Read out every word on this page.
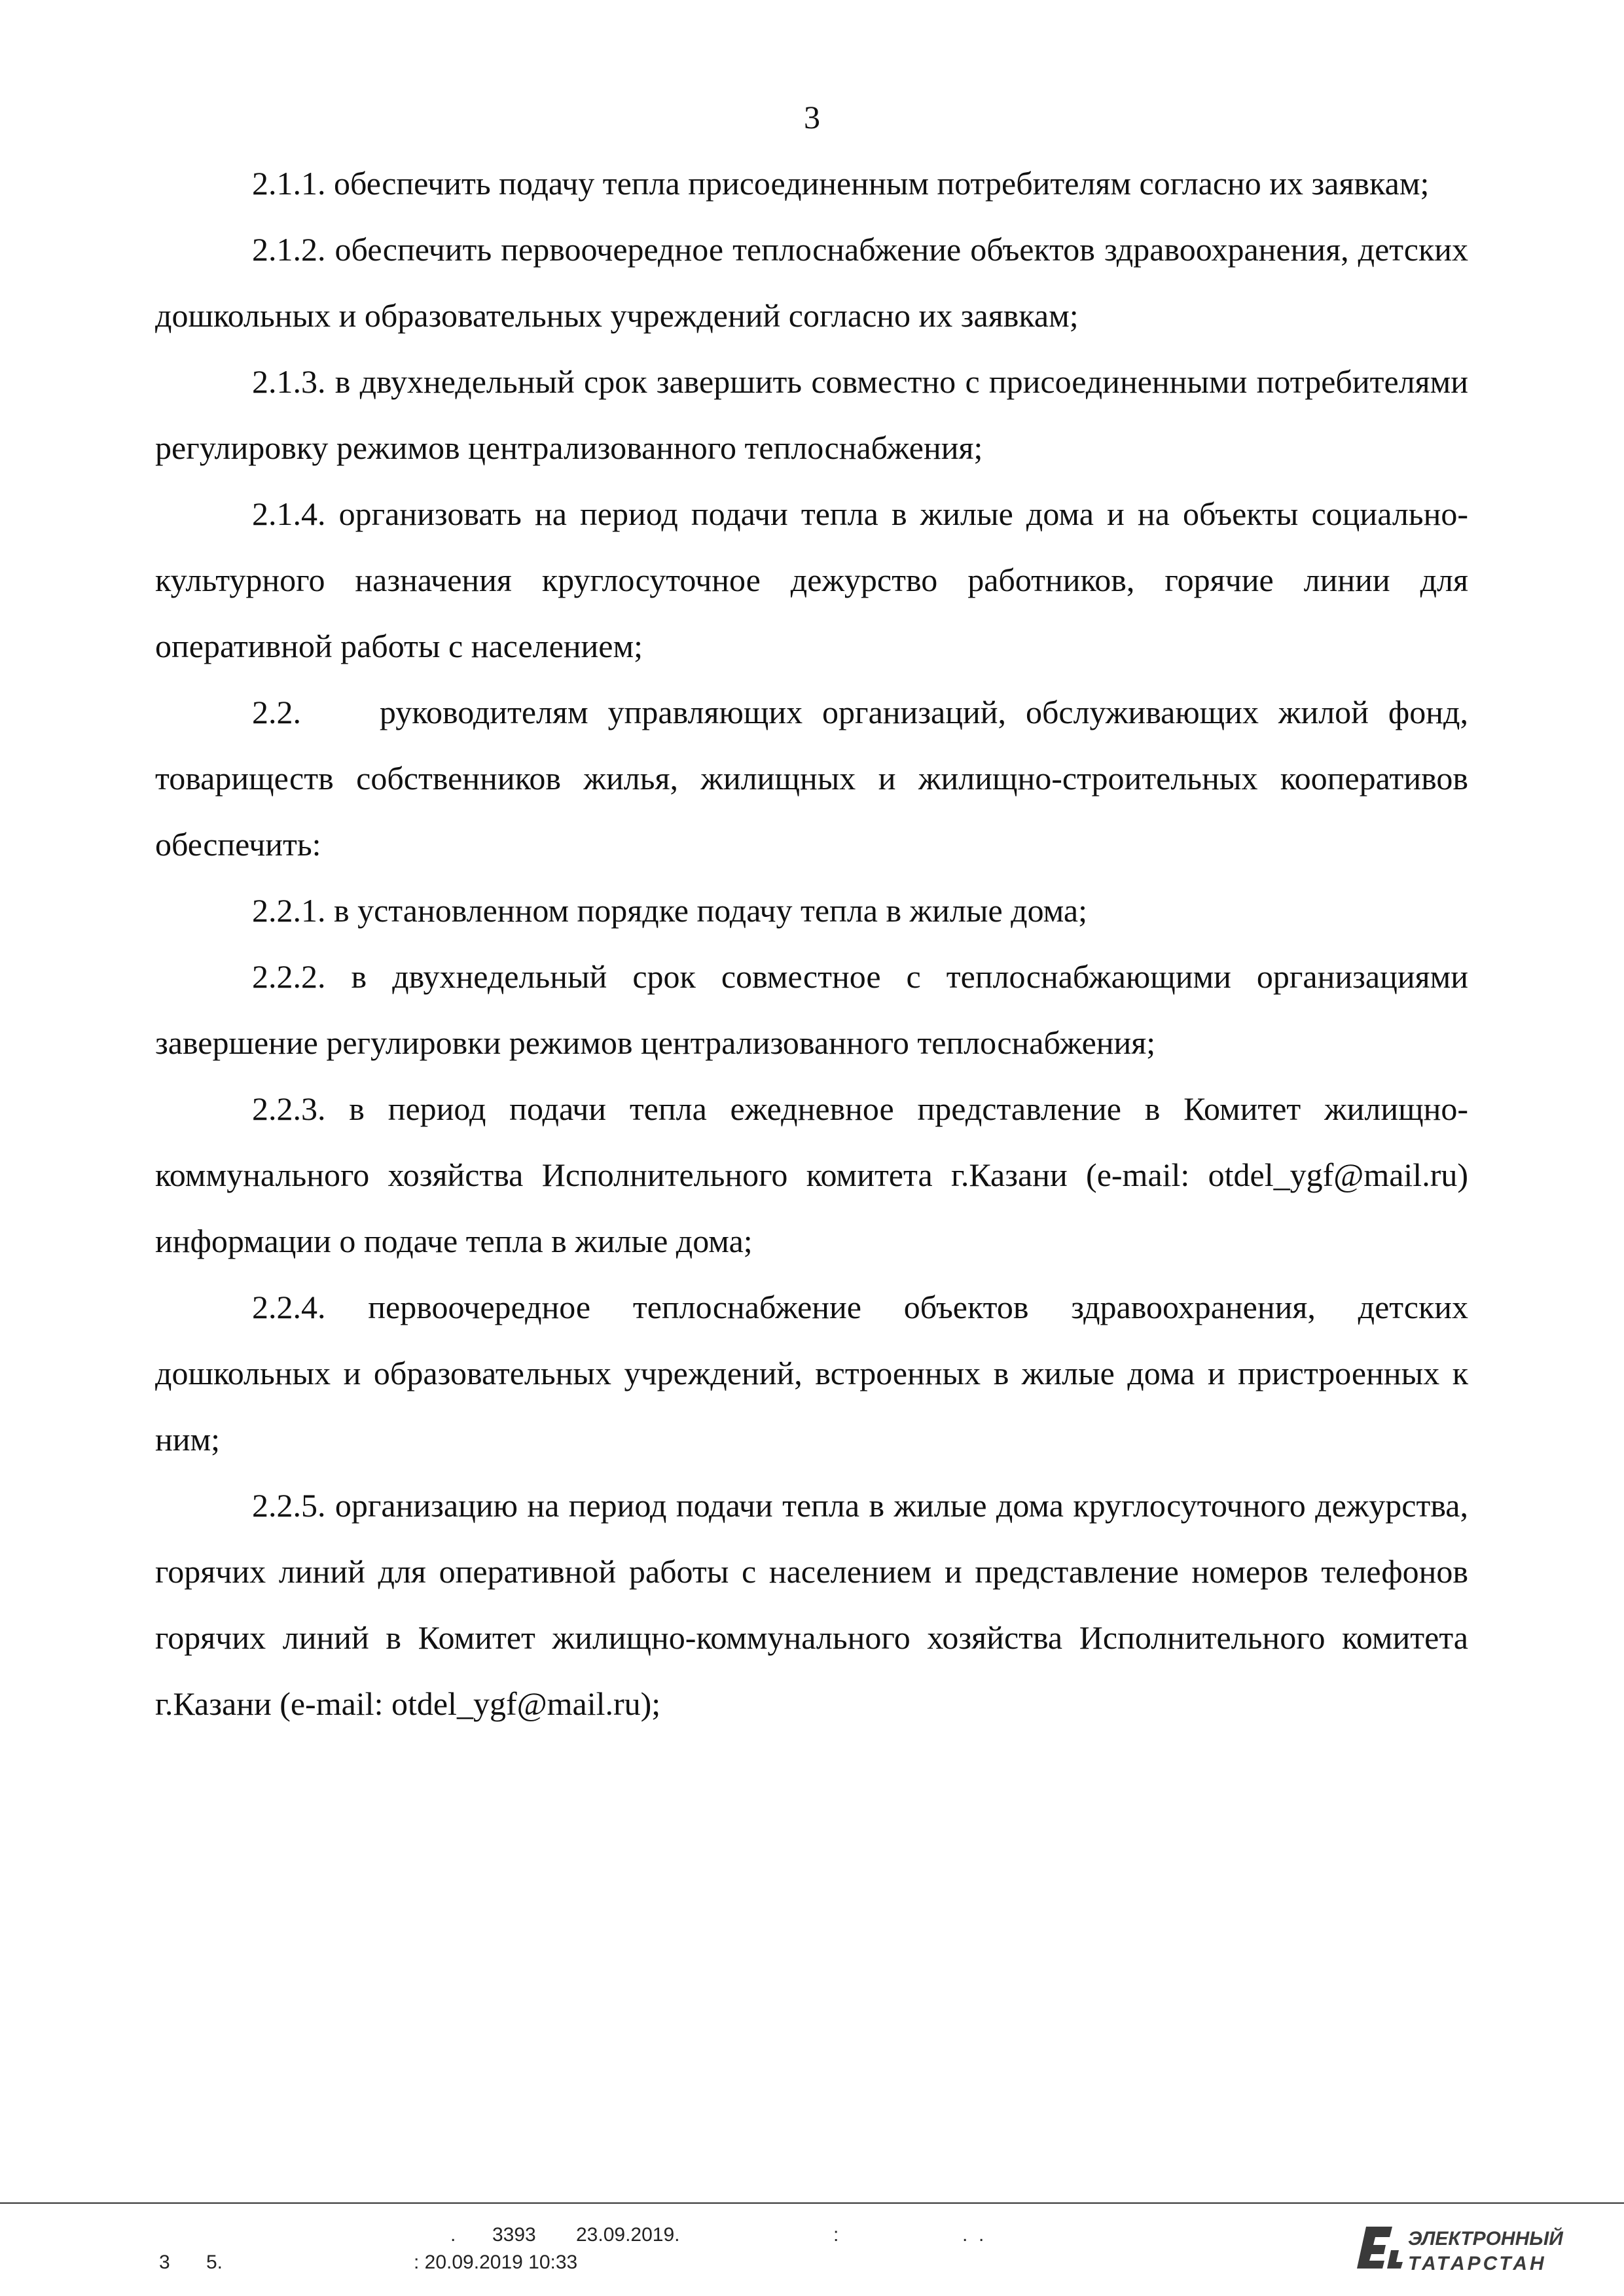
3

2.1.1. обеспечить подачу тепла присоединенным потребителям согласно их заявкам;

2.1.2. обеспечить первоочередное теплоснабжение объектов здравоохранения, детских дошкольных и образовательных учреждений согласно их заявкам;

2.1.3. в двухнедельный срок завершить совместно с присоединенными потребителями регулировку режимов централизованного теплоснабжения;

2.1.4. организовать на период подачи тепла в жилые дома и на объекты социально-культурного назначения круглосуточное дежурство работников, горячие линии для оперативной работы с населением;

2.2.    руководителям управляющих организаций, обслуживающих жилой фонд, товариществ собственников жилья, жилищных и жилищно-строительных кооперативов обеспечить:

2.2.1. в установленном порядке подачу тепла в жилые дома;

2.2.2. в двухнедельный срок совместное с теплоснабжающими организациями завершение регулировки режимов централизованного теплоснабжения;

2.2.3. в период подачи тепла ежедневное представление в Комитет жилищно-коммунального хозяйства Исполнительного комитета г.Казани (e-mail: otdel_ygf@mail.ru) информации о подаче тепла в жилые дома;

2.2.4. первоочередное теплоснабжение объектов здравоохранения, детских дошкольных и образовательных учреждений, встроенных в жилые дома и пристроенных к ним;

2.2.5. организацию на период подачи тепла в жилые дома круглосуточного дежурства, горячих линий для оперативной работы с населением и представление номеров телефонов горячих линий в Комитет жилищно-коммунального хозяйства Исполнительного комитета г.Казани (e-mail: otdel_ygf@mail.ru);

. 3393 23.09.2019.	:	.  .
3 5.	: 20.09.2019 10:33
ЭЛЕКТРОННЫЙ
ТАТАРСТАН
